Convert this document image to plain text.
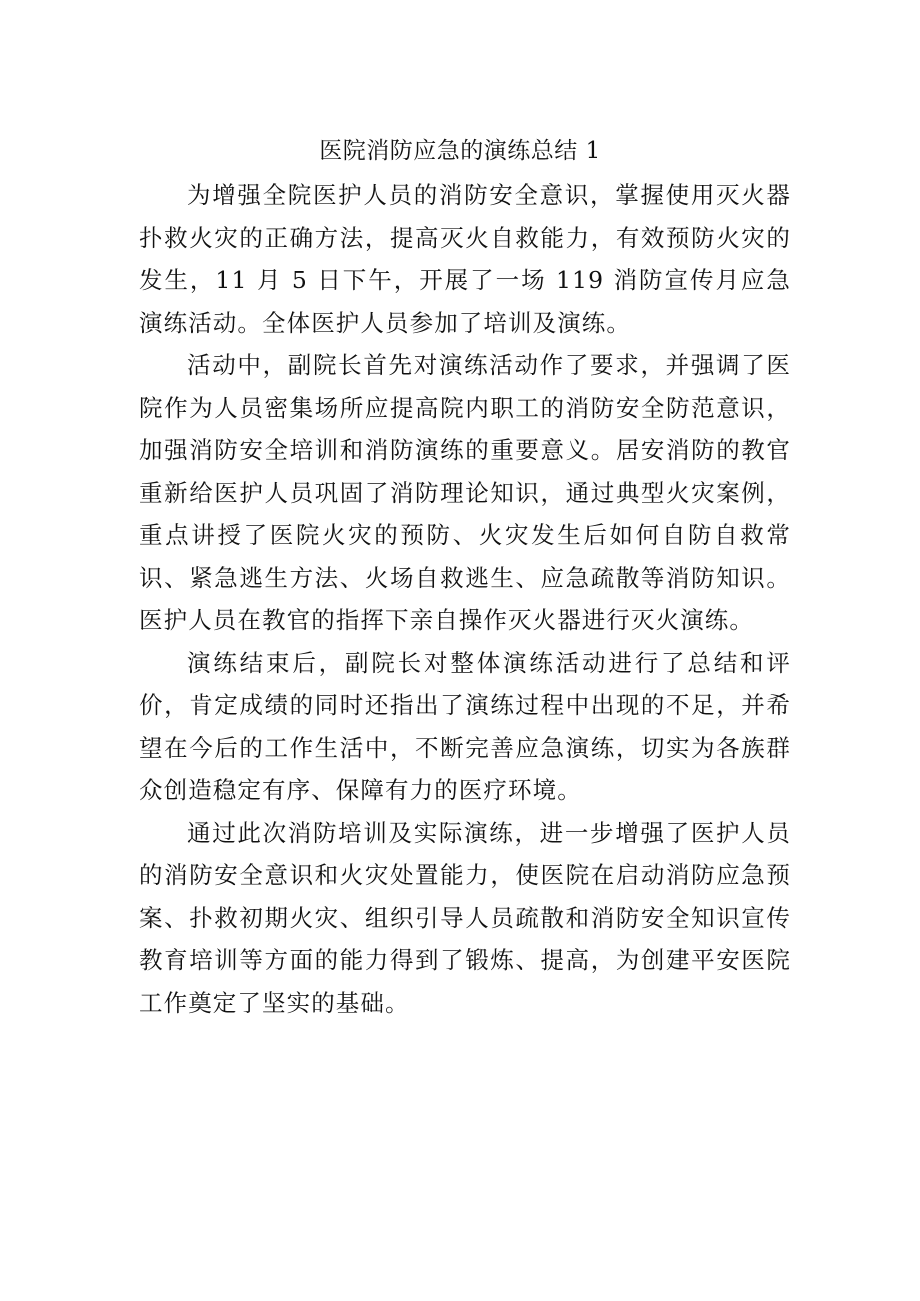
医院消防应急的演练总结 1

为增强全院医护人员的消防安全意识，掌握使用灭火器扑救火灾的正确方法，提高灭火自救能力，有效预防火灾的发生，11 月 5 日下午，开展了一场 119 消防宣传月应急演练活动。全体医护人员参加了培训及演练。

活动中，副院长首先对演练活动作了要求，并强调了医院作为人员密集场所应提高院内职工的消防安全防范意识，加强消防安全培训和消防演练的重要意义。居安消防的教官重新给医护人员巩固了消防理论知识，通过典型火灾案例，重点讲授了医院火灾的预防、火灾发生后如何自防自救常识、紧急逃生方法、火场自救逃生、应急疏散等消防知识。医护人员在教官的指挥下亲自操作灭火器进行灭火演练。

演练结束后，副院长对整体演练活动进行了总结和评价，肯定成绩的同时还指出了演练过程中出现的不足，并希望在今后的工作生活中，不断完善应急演练，切实为各族群众创造稳定有序、保障有力的医疗环境。

通过此次消防培训及实际演练，进一步增强了医护人员的消防安全意识和火灾处置能力，使医院在启动消防应急预案、扑救初期火灾、组织引导人员疏散和消防安全知识宣传教育培训等方面的能力得到了锻炼、提高，为创建平安医院工作奠定了坚实的基础。
